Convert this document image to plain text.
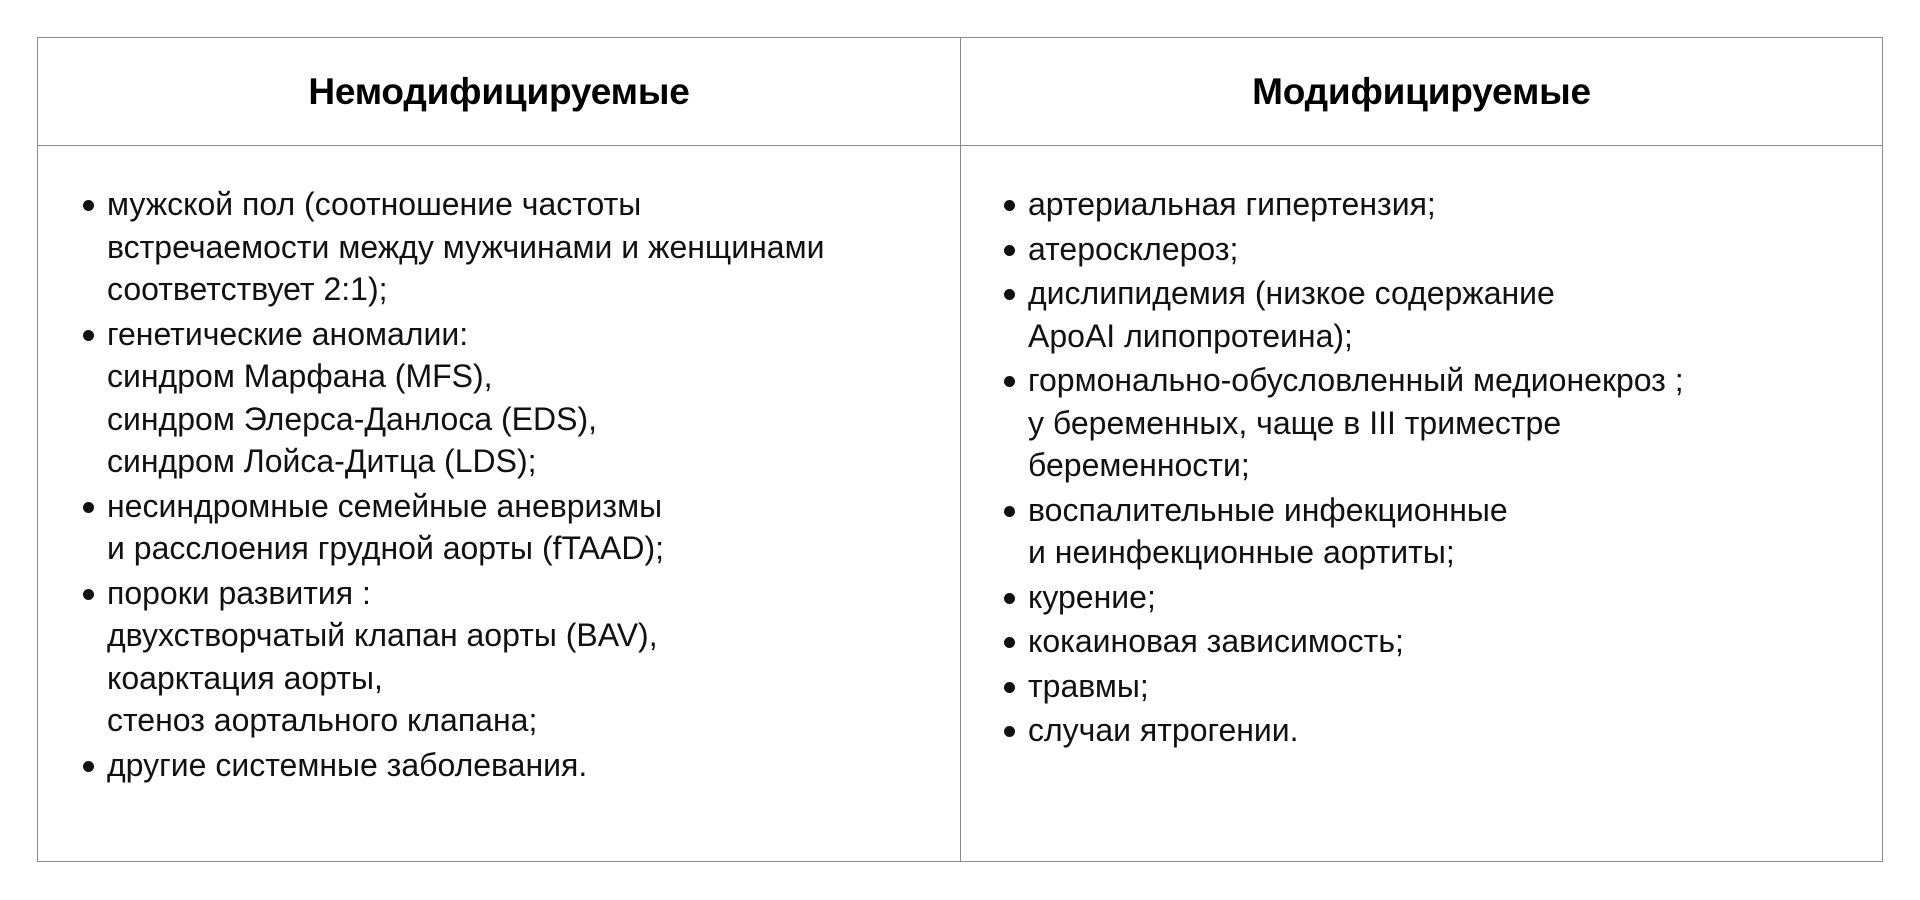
Немодифицируемые	Модифицируемые
мужской пол (соотношение частоты
встречаемости между мужчинами и женщинами
соответствует 2:1);
генетические аномалии:
синдром Марфана (MFS),
синдром Элерса-Данлоса (EDS),
синдром Лойса-Дитца (LDS);
несиндромные семейные аневризмы
и расслоения грудной аорты (fTAAD);
пороки развития :
двухстворчатый клапан аорты (BAV),
коарктация аорты,
стеноз аортального клапана;
другие системные заболевания.
артериальная гипертензия;
атеросклероз;
дислипидемия (низкое содержание
ApoAI липопротеина);
гормонально-обусловленный медионекроз ;
у беременных, чаще в III триместре
беременности;
воспалительные инфекционные
и неинфекционные аортиты;
курение;
кокаиновая зависимость;
травмы;
случаи ятрогении.
